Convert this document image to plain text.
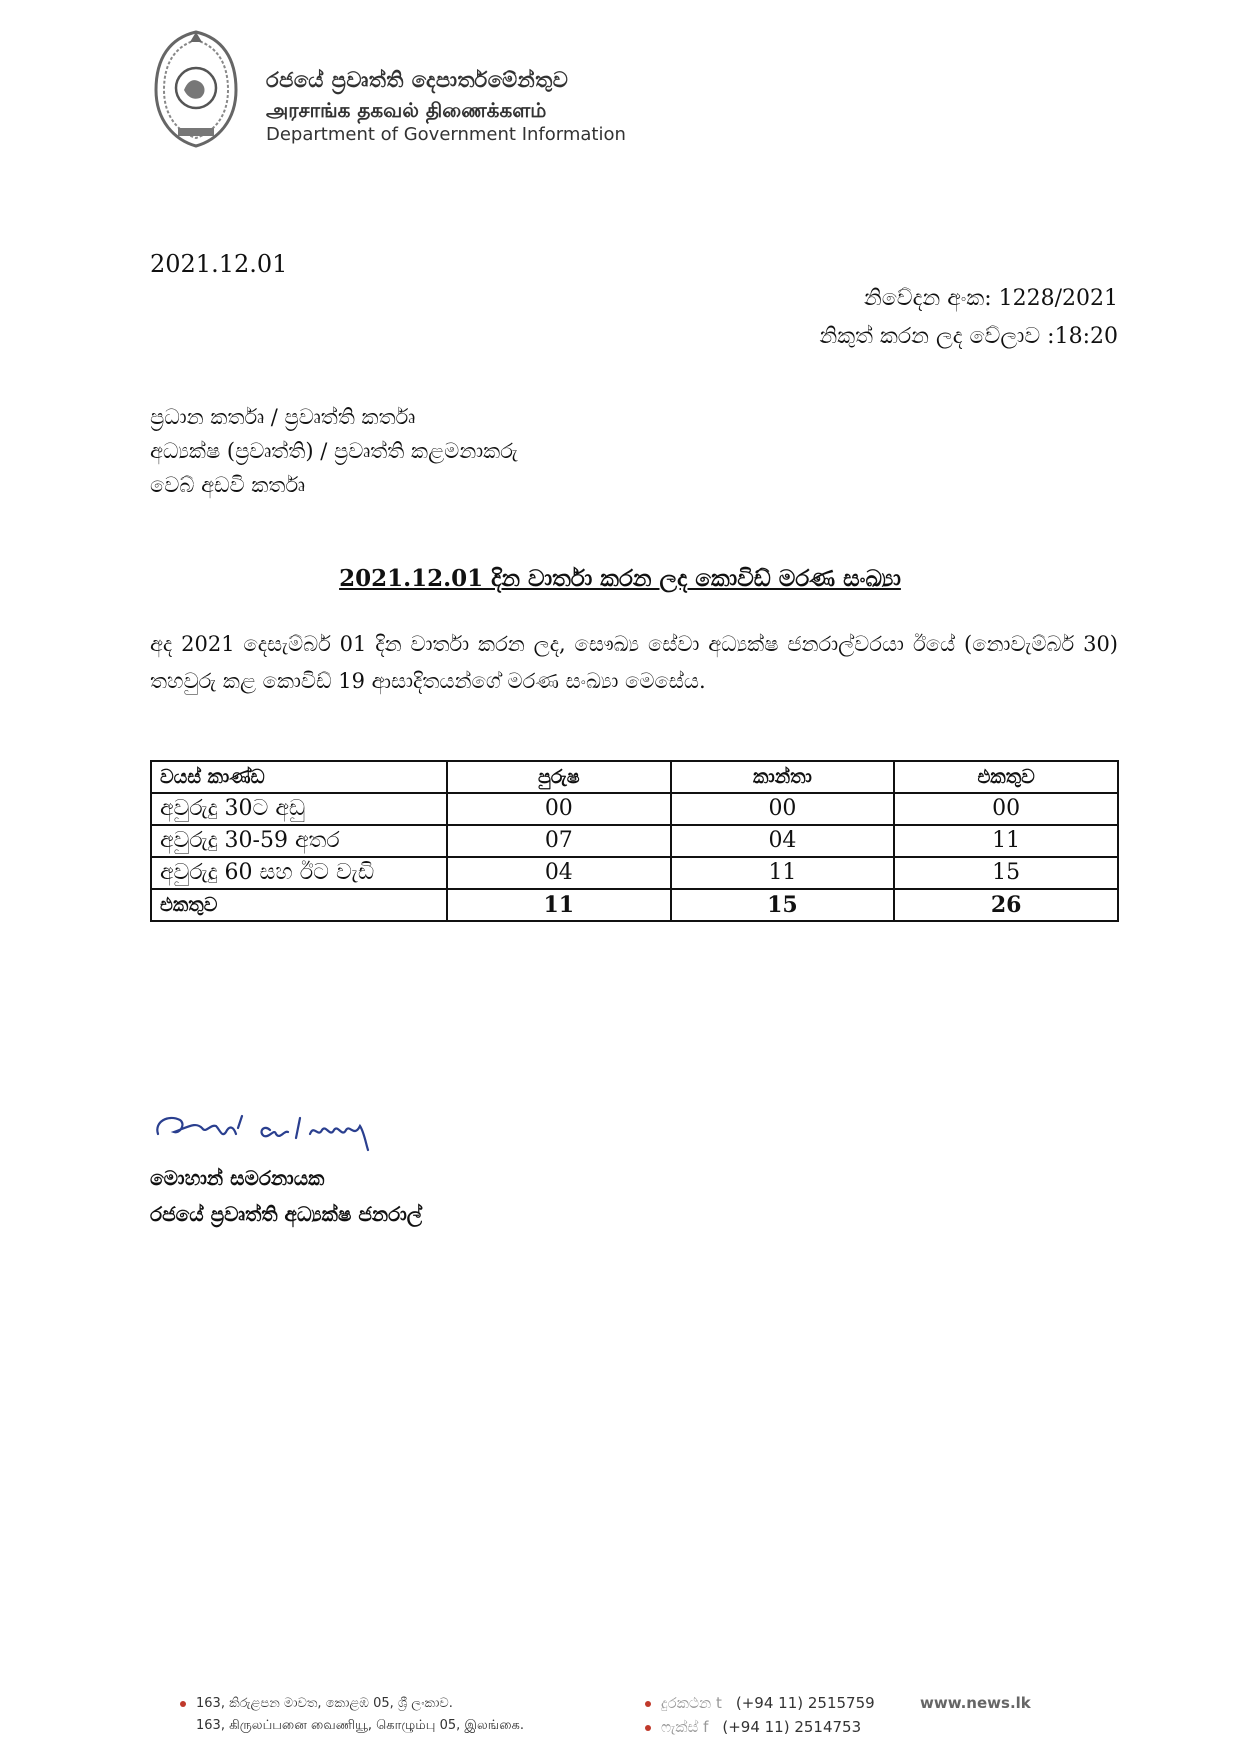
රජයේ ප්‍රවෘත්ති දෙපාර්තමේන්තුව
அரசாங்க தகவல் திணைக்களம்
Department of Government Information
2021.12.01
නිවේදන අංක: 1228/2021
නිකුත් කරන ලද වේලාව :18:20
ප්‍රධාන කර්තෘ / ප්‍රවෘත්ති කර්තෘ
අධ්‍යක්ෂ (ප්‍රවෘත්ති) / ප්‍රවෘත්ති කළමනාකරු
වෙබ් අඩවි කර්තෘ
2021.12.01 දින වාර්තා කරන ලද කොවිඩ් මරණ සංඛ්‍යා
අද 2021 දෙසැම්බර් 01 දින වාර්තා කරන ලද, සෞඛ්‍ය සේවා අධ්‍යක්ෂ ජනරාල්වරයා ඊයේ (නොවැම්බර් 30) තහවුරු කළ කොවිඩ් 19 ආසාදිතයන්ගේ මරණ සංඛ්‍යා මෙසේය.
වයස් කාණ්ඩ	පුරුෂ	කාන්තා	එකතුව
අවුරුදු 30ට අඩු	00	00	00
අවුරුදු 30-59 අතර	07	04	11
අවුරුදු 60 සහ ඊට වැඩි	04	11	15
එකතුව	11	15	26
මොහාන් සමරනායක
රජයේ ප්‍රවෘත්ති අධ්‍යක්ෂ ජනරාල්
163, කිරුළපන මාවත, කොළඹ 05, ශ්‍රී ලංකාව.
163, கிருலப்பனை வைணியூ, கொழும்பு 05, இலங்கை.
දුරකථන t (+94 11) 2515759
ෆැක්ස් f (+94 11) 2514753
www.news.lk
